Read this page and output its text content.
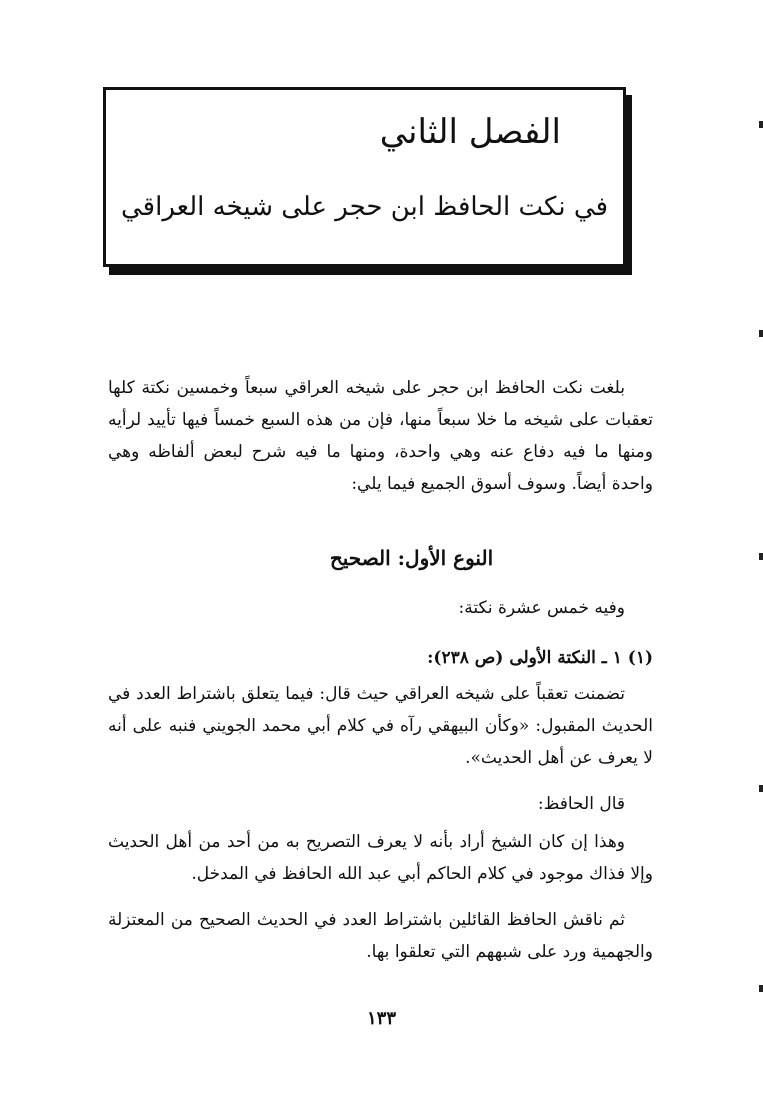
الفصل الثاني
في نكت الحافظ ابن حجر على شيخه العراقي
بلغت نكت الحافظ ابن حجر على شيخه العراقي سبعاً وخمسين نكتة كلها تعقبات على شيخه ما خلا سبعاً منها، فإن من هذه السبع خمساً فيها تأييد لرأيه ومنها ما فيه دفاع عنه وهي واحدة، ومنها ما فيه شرح لبعض ألفاظه وهي واحدة أيضاً. وسوف أسوق الجميع فيما يلي:
النوع الأول: الصحيح
وفيه خمس عشرة نكتة:
(١) ١ ـ النكتة الأولى (ص ٢٣٨):
تضمنت تعقباً على شيخه العراقي حيث قال: فيما يتعلق باشتراط العدد في الحديث المقبول: «وكأن البيهقي رآه في كلام أبي محمد الجويني فنبه على أنه لا يعرف عن أهل الحديث».
قال الحافظ:
وهذا إن كان الشيخ أراد بأنه لا يعرف التصريح به من أحد من أهل الحديث وإلا فذاك موجود في كلام الحاكم أبي عبد الله الحافظ في المدخل.
ثم ناقش الحافظ القائلين باشتراط العدد في الحديث الصحيح من المعتزلة والجهمية ورد على شبههم التي تعلقوا بها.
١٣٣
